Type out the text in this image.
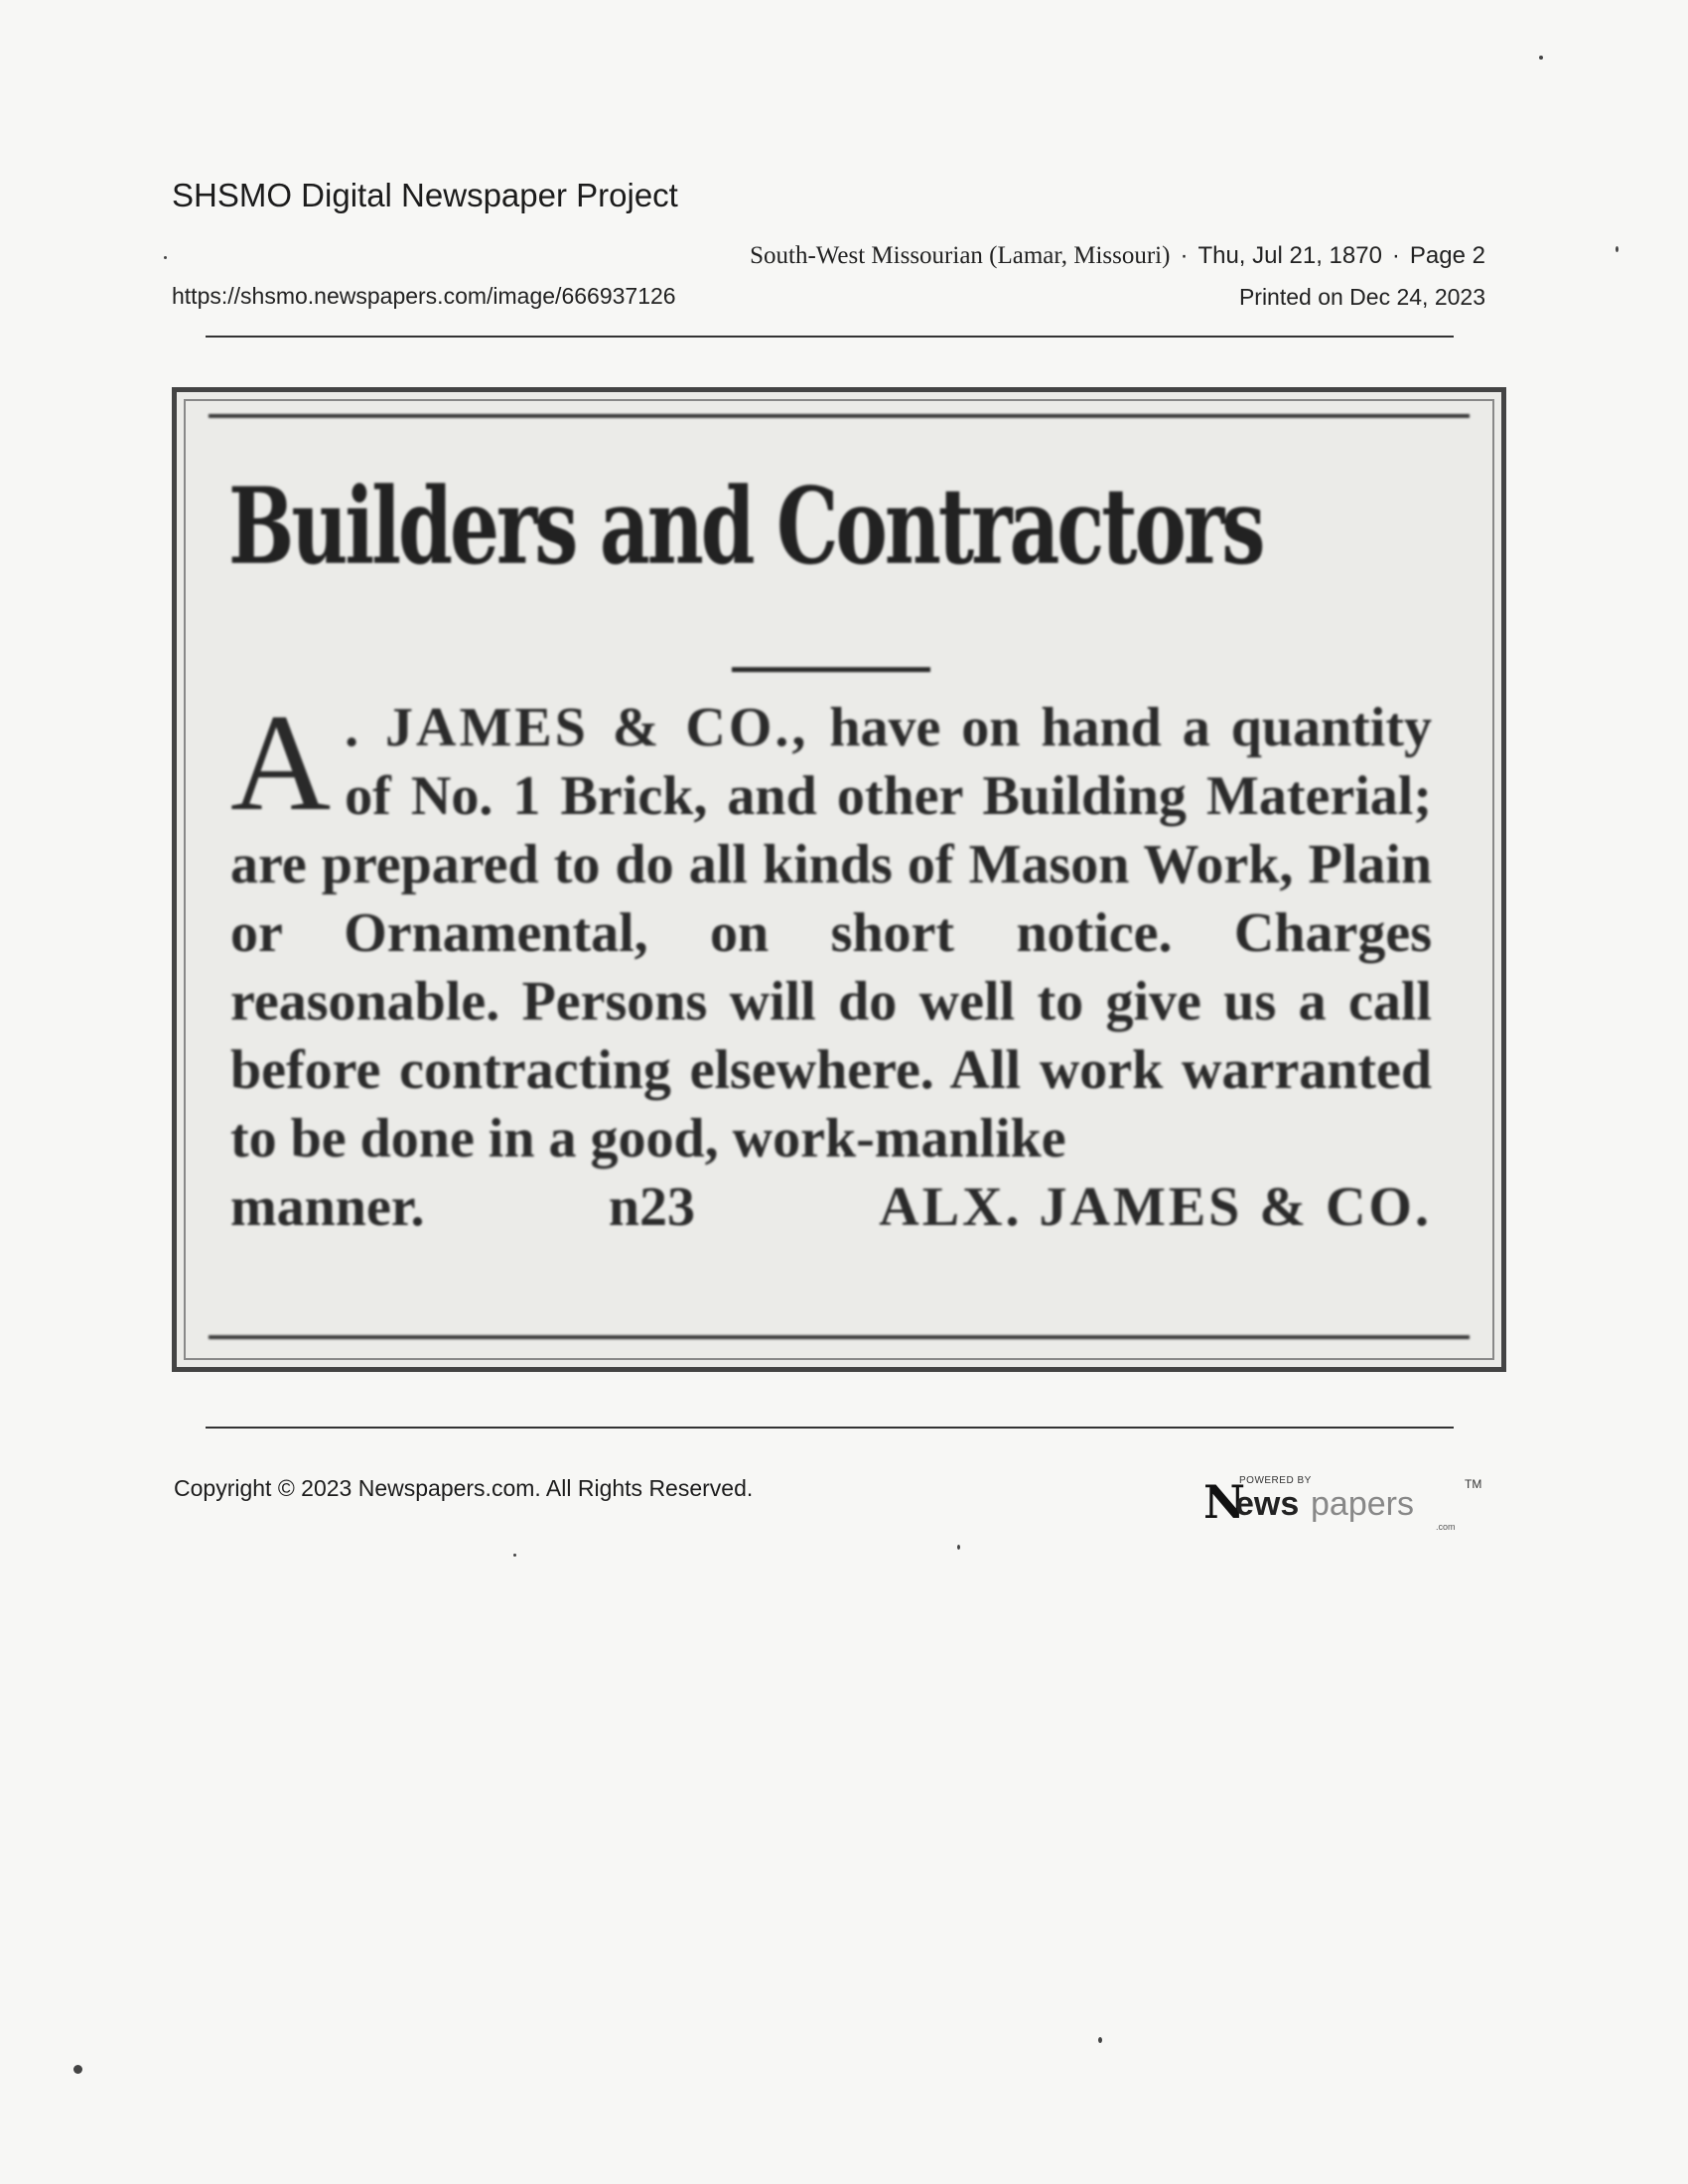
SHSMO Digital Newspaper Project
South-West Missourian (Lamar, Missouri) · Thu, Jul 21, 1870 · Page 2
https://shsmo.newspapers.com/image/666937126	Printed on Dec 24, 2023
Builders and Contractors
A . JAMES & CO., have on hand a quantity of No. 1 Brick, and other Building Material; are prepared to do all kinds of Mason Work, Plain or Ornamental, on short notice. Charges reasonable. Persons will do well to give us a call before contracting elsewhere. All work warranted to be done in a good, work-manlike
manner.	n23	ALX. JAMES & CO.
Copyright © 2023 Newspapers.com. All Rights Reserved.	N
POWERED BY
ews papers
.com
TM
